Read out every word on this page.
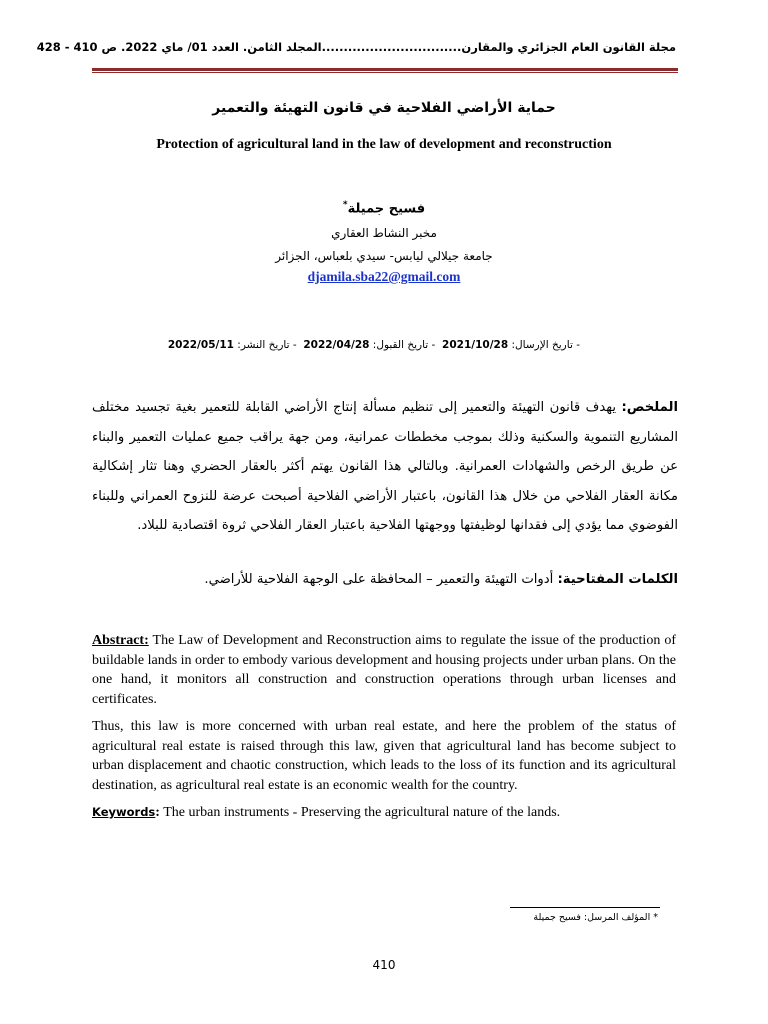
مجلة القانون العام الجزائري والمقارن................................المجلد الثامن. العدد 01/ ماي 2022. ص 410 - 428
حماية الأراضي الفلاحية في قانون التهيئة والتعمير
Protection of agricultural land in the law of development and reconstruction
فسيح جميلة*
مخبر النشاط العقاري
جامعة جيلالي ليابس- سيدي بلعباس، الجزائر
djamila.sba22@gmail.com
- تاريخ الإرسال: 2021/10/28  - تاريخ القبول: 2022/04/28  - تاريخ النشر: 2022/05/11
الملخص: يهدف قانون التهيئة والتعمير إلى تنظيم مسألة إنتاج الأراضي القابلة للتعمير بغية تجسيد مختلف المشاريع التنموية والسكنية وذلك بموجب مخططات عمرانية، ومن جهة يراقب جميع عمليات التعمير والبناء عن طريق الرخص والشهادات العمرانية. وبالتالي هذا القانون يهتم أكثر بالعقار الحضري وهنا تثار إشكالية مكانة العقار الفلاحي من خلال هذا القانون، باعتبار الأراضي الفلاحية أصبحت عرضة للنزوح العمراني وللبناء الفوضوي مما يؤدي إلى فقدانها لوظيفتها ووجهتها الفلاحية باعتبار العقار الفلاحي ثروة اقتصادية للبلاد.
الكلمات المفتاحية: أدوات التهيئة والتعمير – المحافظة على الوجهة الفلاحية للأراضي.

Abstract: The Law of Development and Reconstruction aims to regulate the issue of the production of buildable lands in order to embody various development and housing projects under urban plans. On the one hand, it monitors all construction and construction operations through urban licenses and certificates.

Thus, this law is more concerned with urban real estate, and here the problem of the status of agricultural real estate is raised through this law, given that agricultural land has become subject to urban displacement and chaotic construction, which leads to the loss of its function and its agricultural destination, as agricultural real estate is an economic wealth for the country.

Keywords: The urban instruments - Preserving the agricultural nature of the lands.

* المؤلف المرسل: فسيح جميلة
410
